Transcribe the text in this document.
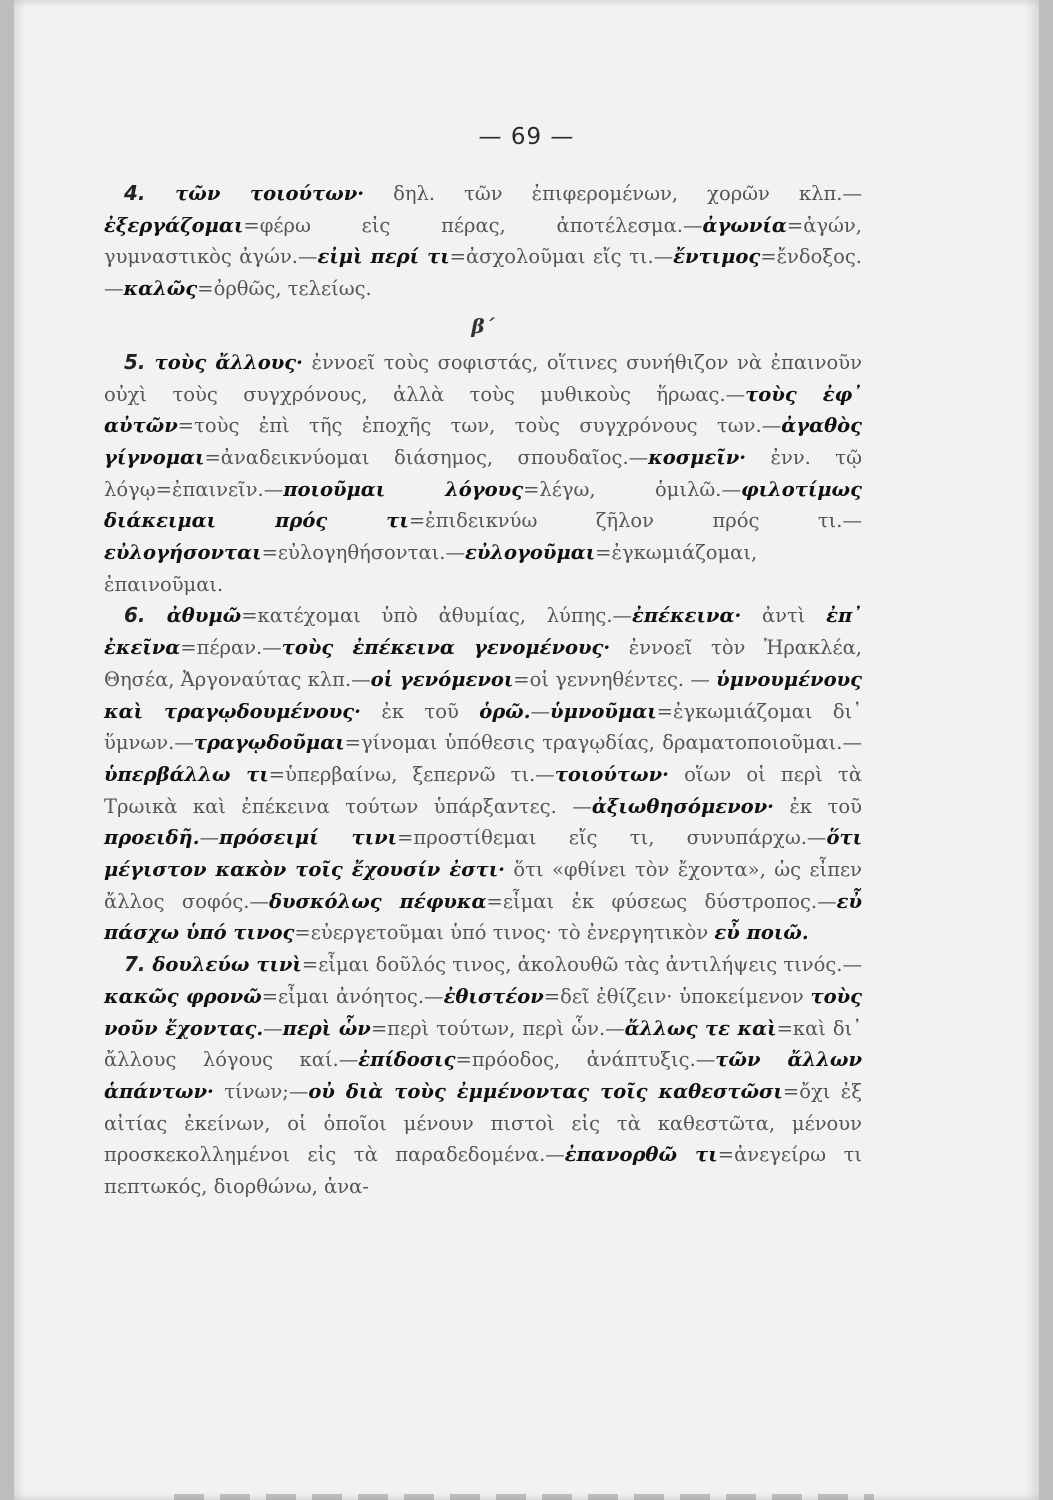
— 69 —

4. τῶν τοιούτων· δηλ. τῶν ἐπιφερομένων, χορῶν κλπ.—ἐξεργάζομαι=φέρω εἰς πέρας, ἀποτέλεσμα.—ἀγωνία=ἀγών, γυμναστικὸς ἀγών.—εἰμὶ περί τι=ἀσχολοῦμαι εἴς τι.—ἔντιμος=ἔνδοξος.—καλῶς=ὀρθῶς, τελείως.

β΄

5. τοὺς ἄλλους· ἐννοεῖ τοὺς σοφιστάς, οἵτινες συνήθιζον νὰ ἐπαινοῦν οὐχὶ τοὺς συγχρόνους, ἀλλὰ τοὺς μυθικοὺς ἥρωας.—τοὺς ἐφ᾽ αὐτῶν=τοὺς ἐπὶ τῆς ἐποχῆς των, τοὺς συγχρόνους των.—ἀγαθὸς γίγνομαι=ἀναδεικνύομαι διάσημος, σπουδαῖος.—κοσμεῖν· ἐνν. τῷ λόγῳ=ἐπαινεῖν.—ποιοῦμαι λόγους=λέγω, ὁμιλῶ.—φιλοτίμως διάκειμαι πρός τι=ἐπιδεικνύω ζῆλον πρός τι.—εὐλογήσονται=εὐλογηθήσονται.—εὐλογοῦμαι=ἐγκωμιάζομαι, ἐπαινοῦμαι.

6. ἀθυμῶ=κατέχομαι ὑπὸ ἀθυμίας, λύπης.—ἐπέκεινα· ἀντὶ ἐπ᾽ ἐκεῖνα=πέραν.—τοὺς ἐπέκεινα γενομένους· ἐννοεῖ τὸν Ἡρακλέα, Θησέα, Ἀργοναύτας κλπ.—οἱ γενόμενοι=οἱ γεννηθέντες. — ὑμνουμένους καὶ τραγῳδουμένους· ἐκ τοῦ ὁρῶ.—ὑμνοῦμαι=ἐγκωμιάζομαι δι᾽ ὕμνων.—τραγῳδοῦμαι=γίνομαι ὑπόθεσις τραγῳδίας, δραματοποιοῦμαι.—ὑπερβάλλω τι=ὑπερβαίνω, ξεπερνῶ τι.—τοιούτων· οἵων οἱ περὶ τὰ Τρωικὰ καὶ ἐπέκεινα τούτων ὑπάρξαντες. —ἀξιωθησόμενον· ἐκ τοῦ προειδῆ.—πρόσειμί τινι=προστίθεμαι εἴς τι, συνυπάρχω.—ὅτι μέγιστον κακὸν τοῖς ἔχουσίν ἐστι· ὅτι «φθίνει τὸν ἔχοντα», ὡς εἶπεν ἄλλος σοφός.—δυσκόλως πέφυκα=εἶμαι ἐκ φύσεως δύστροπος.—εὖ πάσχω ὑπό τινος=εὐεργετοῦμαι ὑπό τινος· τὸ ἐνεργητικὸν εὖ ποιῶ.

7. δουλεύω τινὶ=εἶμαι δοῦλός τινος, ἀκολουθῶ τὰς ἀντιλήψεις τινός.—κακῶς φρονῶ=εἶμαι ἀνόητος.—ἐθιστέον=δεῖ ἐθίζειν· ὑποκείμενον τοὺς νοῦν ἔχοντας.—περὶ ὧν=περὶ τούτων, περὶ ὧν.—ἄλλως τε καὶ=καὶ δι᾽ ἄλλους λόγους καί.—ἐπίδοσις=πρόοδος, ἀνάπτυξις.—τῶν ἄλλων ἁπάντων· τίνων;—οὐ διὰ τοὺς ἐμμένοντας τοῖς καθεστῶσι=ὄχι ἐξ αἰτίας ἐκείνων, οἱ ὁποῖοι μένουν πιστοὶ εἰς τὰ καθεστῶτα, μένουν προσκεκολλημένοι εἰς τὰ παραδεδομένα.—ἐπανορθῶ τι=ἀνεγείρω τι πεπτωκός, διορθώνω, ἀνα-
